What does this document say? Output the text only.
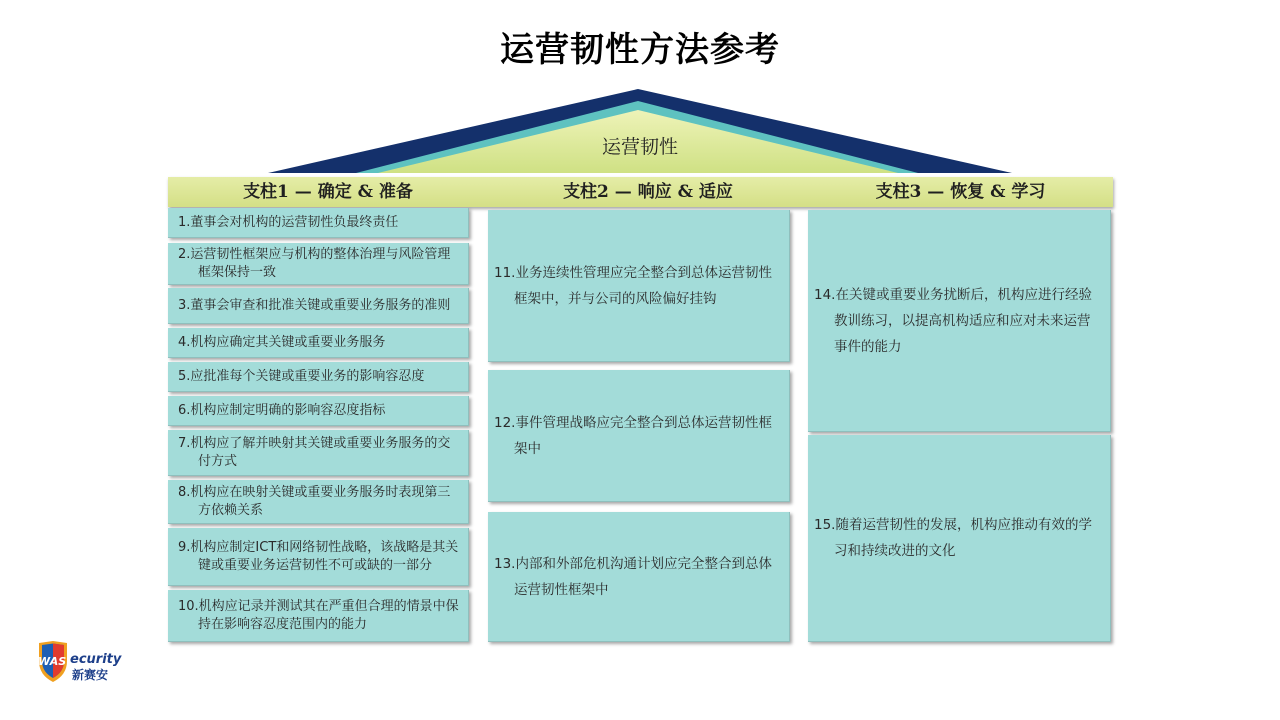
运营韧性方法参考
运营韧性
支柱1 — 确定 & 准备	支柱2 — 响应 & 适应	支柱3 — 恢复 & 学习
1.董事会对机构的运营韧性负最终责任
2.运营韧性框架应与机构的整体治理与风险管理框架保持一致
3.董事会审查和批准关键或重要业务服务的准则
4.机构应确定其关键或重要业务服务
5.应批准每个关键或重要业务的影响容忍度
6.机构应制定明确的影响容忍度指标
7.机构应了解并映射其关键或重要业务服务的交付方式
8.机构应在映射关键或重要业务服务时表现第三方依赖关系
9.机构应制定ICT和网络韧性战略，该战略是其关键或重要业务运营韧性不可或缺的一部分
10.机构应记录并测试其在严重但合理的情景中保持在影响容忍度范围内的能力
11.业务连续性管理应完全整合到总体运营韧性框架中，并与公司的风险偏好挂钩
12.事件管理战略应完全整合到总体运营韧性框架中
13.内部和外部危机沟通计划应完全整合到总体运营韧性框架中
14.在关键或重要业务扰断后，机构应进行经验教训练习，以提高机构适应和应对未来运营事件的能力
15.随着运营韧性的发展，机构应推动有效的学习和持续改进的文化
WAS ecurity
新赛安
